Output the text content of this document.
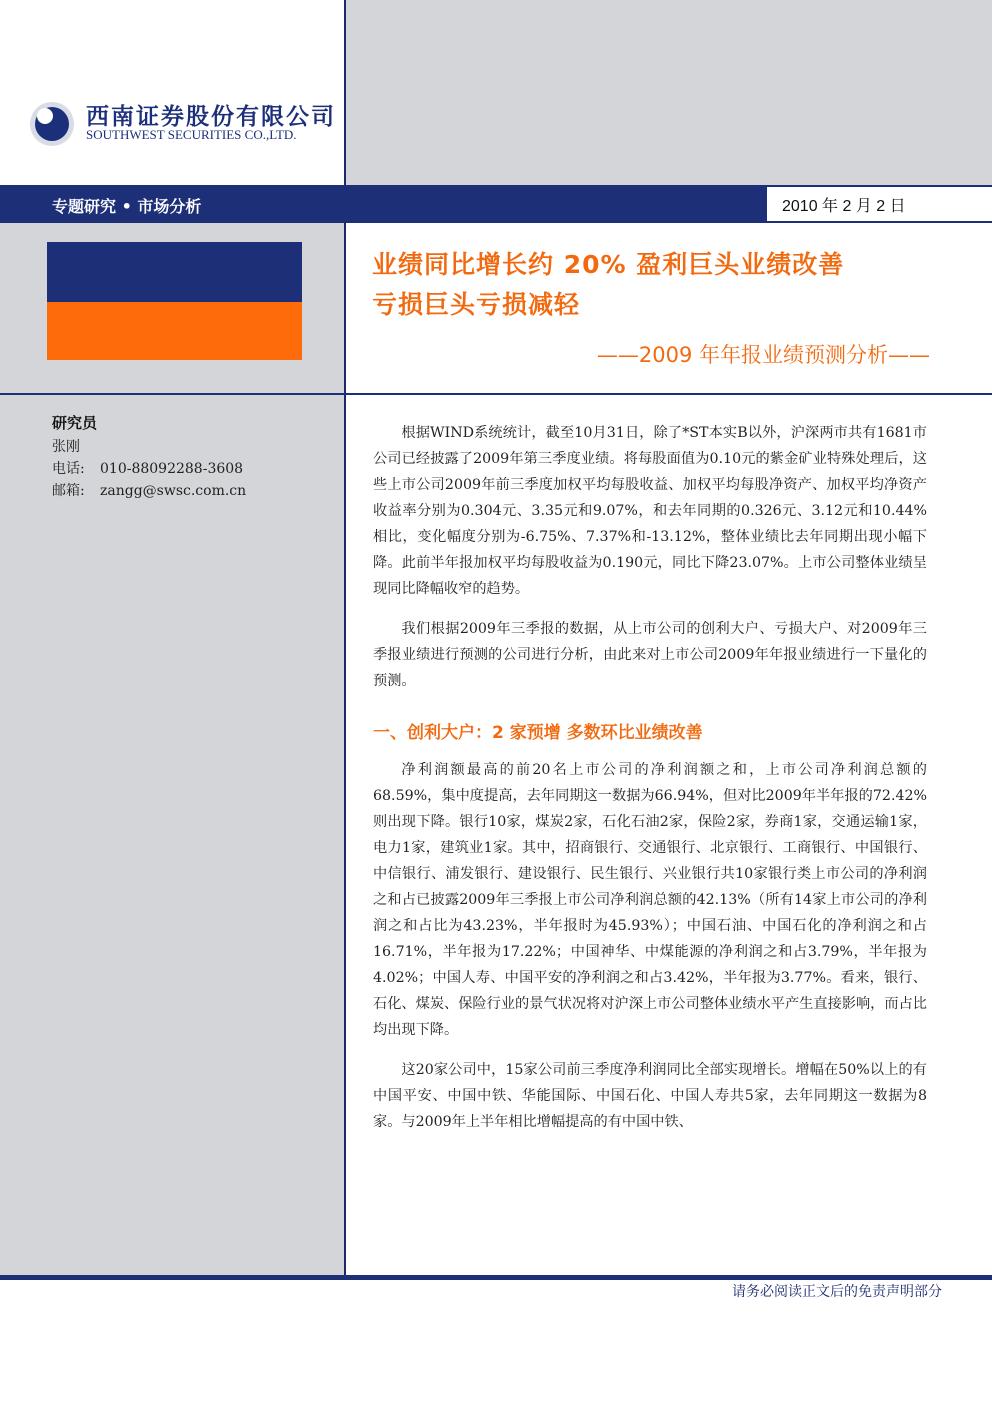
西南证券股份有限公司
SOUTHWEST SECURITIES CO.,LTD.
专题研究 • 市场分析	2010 年 2 月 2 日
业绩同比增长约 20% 盈利巨头业绩改善
亏损巨头亏损减轻
——2009 年年报业绩预测分析——
研究员
张刚
电话: 010-88092288-3608
邮箱: zangg@swsc.com.cn

根据WIND系统统计，截至10月31日，除了*ST本实B以外，沪深两市共有1681市公司已经披露了2009年第三季度业绩。将每股面值为0.10元的紫金矿业特殊处理后，这些上市公司2009年前三季度加权平均每股收益、加权平均每股净资产、加权平均净资产收益率分别为0.304元、3.35元和9.07%，和去年同期的0.326元、3.12元和10.44%相比，变化幅度分别为-6.75%、7.37%和-13.12%，整体业绩比去年同期出现小幅下降。此前半年报加权平均每股收益为0.190元，同比下降23.07%。上市公司整体业绩呈现同比降幅收窄的趋势。

我们根据2009年三季报的数据，从上市公司的创利大户、亏损大户、对2009年三季报业绩进行预测的公司进行分析，由此来对上市公司2009年年报业绩进行一下量化的预测。

一、创利大户：2 家预增 多数环比业绩改善

净利润额最高的前20名上市公司的净利润额之和，上市公司净利润总额的68.59%，集中度提高，去年同期这一数据为66.94%，但对比2009年半年报的72.42%则出现下降。银行10家，煤炭2家，石化石油2家，保险2家，券商1家，交通运输1家，电力1家，建筑业1家。其中，招商银行、交通银行、北京银行、工商银行、中国银行、中信银行、浦发银行、建设银行、民生银行、兴业银行共10家银行类上市公司的净利润之和占已披露2009年三季报上市公司净利润总额的42.13%（所有14家上市公司的净利润之和占比为43.23%，半年报时为45.93%）；中国石油、中国石化的净利润之和占16.71%，半年报为17.22%；中国神华、中煤能源的净利润之和占3.79%，半年报为4.02%；中国人寿、中国平安的净利润之和占3.42%，半年报为3.77%。看来，银行、石化、煤炭、保险行业的景气状况将对沪深上市公司整体业绩水平产生直接影响，而占比均出现下降。

这20家公司中，15家公司前三季度净利润同比全部实现增长。增幅在50%以上的有中国平安、中国中铁、华能国际、中国石化、中国人寿共5家，去年同期这一数据为8家。与2009年上半年相比增幅提高的有中国中铁、

请务必阅读正文后的免责声明部分
